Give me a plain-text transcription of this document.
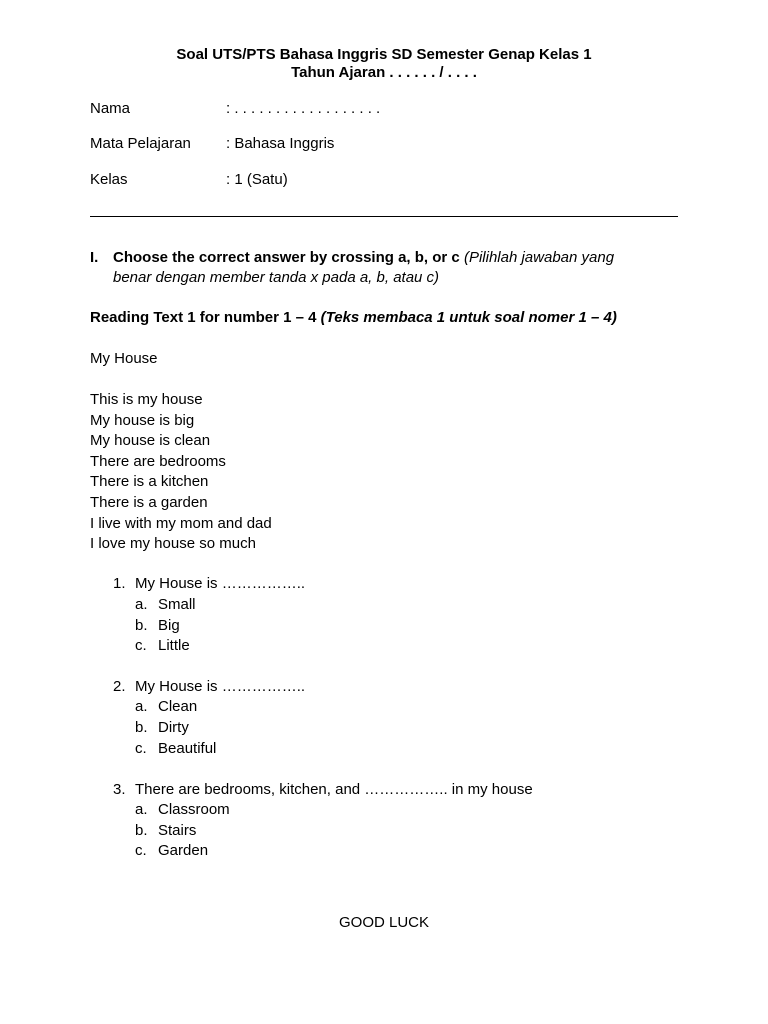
Soal UTS/PTS Bahasa Inggris SD Semester Genap Kelas 1
Tahun Ajaran . . . . . . / . . . .
Nama	: . . . . . . . . . . . . . . . . . .
Mata Pelajaran : Bahasa Inggris
Kelas	: 1 (Satu)
I. Choose the correct answer by crossing a, b, or c (Pilihlah jawaban yang
benar dengan member tanda x pada a, b, atau c)
Reading Text 1 for number 1 – 4 (Teks membaca 1 untuk soal nomer 1 – 4)
My House
This is my house
My house is big
My house is clean
There are bedrooms
There is a kitchen
There is a garden
I live with my mom and dad
I love my house so much
1. My House is ……………..
a. Small
b. Big
c. Little
2. My House is ……………..
a. Clean
b. Dirty
c. Beautiful
3. There are bedrooms, kitchen, and …………….. in my house
a. Classroom
b. Stairs
c. Garden
GOOD LUCK
